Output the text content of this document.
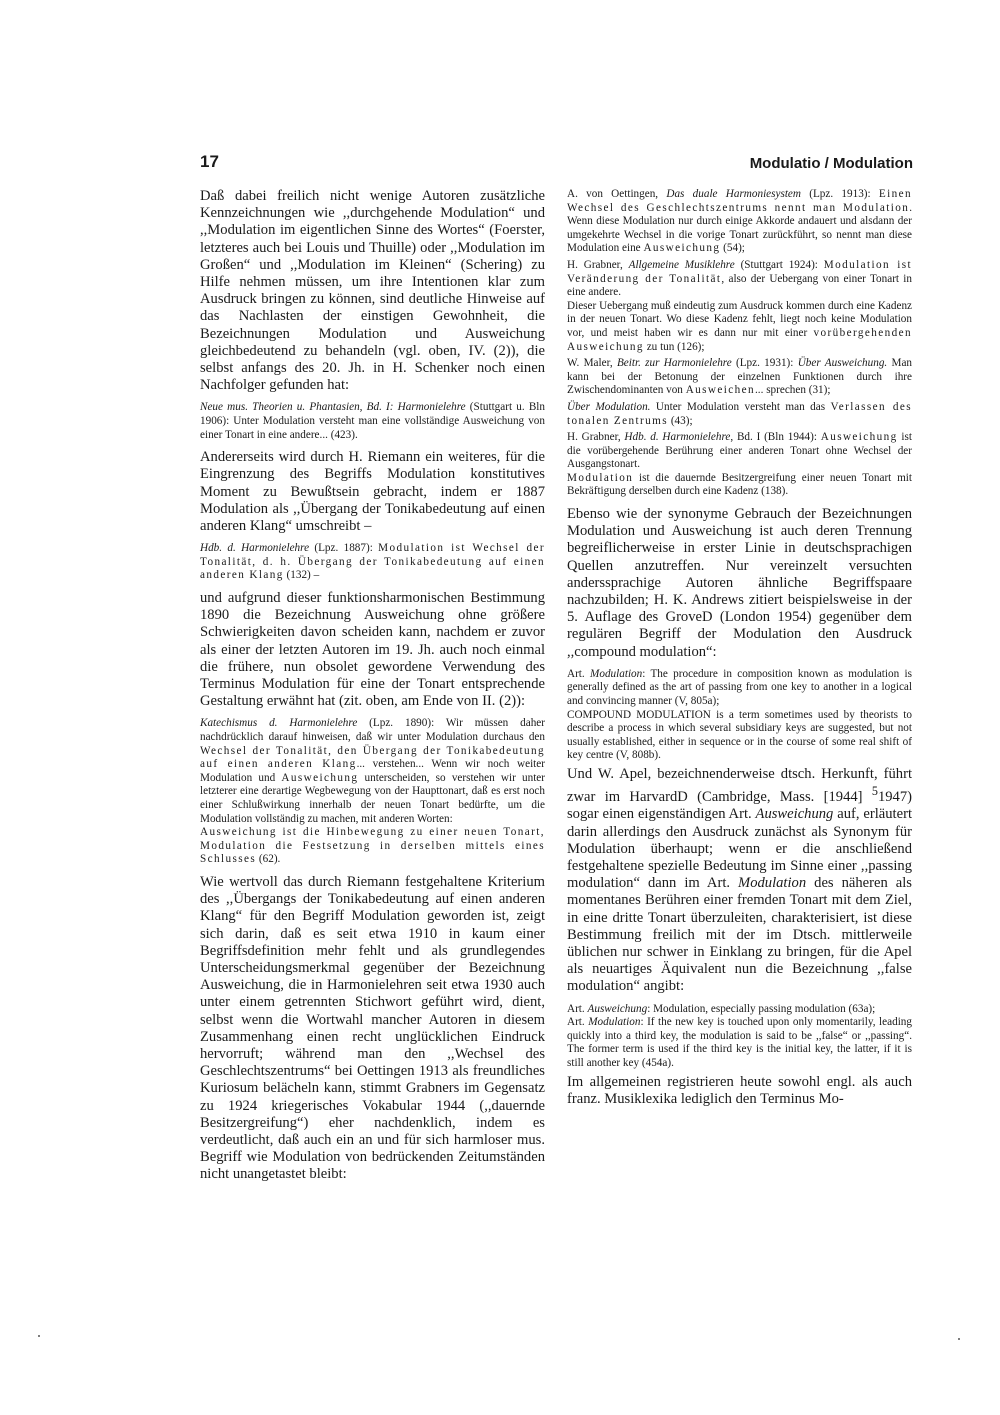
17	Modulatio / Modulation

Daß dabei freilich nicht wenige Autoren zusätzliche Kennzeichnungen wie ,,durchgehende Modulation“ und ,,Modulation im eigentlichen Sinne des Wortes“ (Foerster, letzteres auch bei Louis und Thuille) oder ,,Modulation im Großen“ und ,,Modulation im Kleinen“ (Schering) zu Hilfe nehmen müssen, um ihre Intentionen klar zum Ausdruck bringen zu können, sind deutliche Hinweise auf das Nachlasten der einstigen Gewohnheit, die Bezeichnungen Modulation und Ausweichung gleichbedeutend zu behandeln (vgl. oben, IV. (2)), die selbst anfangs des 20. Jh. in H. Schenker noch einen Nachfolger gefunden hat:

Neue mus. Theorien u. Phantasien, Bd. I: Harmonielehre (Stuttgart u. Bln 1906): Unter Modulation versteht man eine vollständige Ausweichung von einer Tonart in eine andere... (423).

Andererseits wird durch H. Riemann ein weiteres, für die Eingrenzung des Begriffs Modulation konstitutives Moment zu Bewußtsein gebracht, indem er 1887 Modulation als ,,Übergang der Tonikabedeutung auf einen anderen Klang“ umschreibt –

Hdb. d. Harmonielehre (Lpz. 1887): Modulation ist Wechsel der Tonalität, d. h. Übergang der Tonikabedeutung auf einen anderen Klang (132) –

und aufgrund dieser funktionsharmonischen Bestimmung 1890 die Bezeichnung Ausweichung ohne größere Schwierigkeiten davon scheiden kann, nachdem er zuvor als einer der letzten Autoren im 19. Jh. auch noch einmal die frühere, nun obsolet gewordene Verwendung des Terminus Modulation für eine der Tonart entsprechende Gestaltung erwähnt hat (zit. oben, am Ende von II. (2)):

Katechismus d. Harmonielehre (Lpz. 1890): Wir müssen daher nachdrücklich darauf hinweisen, daß wir unter Modulation durchaus den Wechsel der Tonalität, den Übergang der Tonikabedeutung auf einen anderen Klang... verstehen... Wenn wir noch weiter Modulation und Ausweichung unterscheiden, so verstehen wir unter letzterer eine derartige Wegbewegung von der Haupttonart, daß es erst noch einer Schlußwirkung innerhalb der neuen Tonart bedürfte, um die Modulation vollständig zu machen, mit anderen Worten:
Ausweichung ist die Hinbewegung zu einer neuen Tonart, Modulation die Festsetzung in derselben mittels eines Schlusses (62).

Wie wertvoll das durch Riemann festgehaltene Kriterium des ,,Übergangs der Tonikabedeutung auf einen anderen Klang“ für den Begriff Modulation geworden ist, zeigt sich darin, daß es seit etwa 1910 in kaum einer Begriffsdefinition mehr fehlt und als grundlegendes Unterscheidungsmerkmal gegenüber der Bezeichnung Ausweichung, die in Harmonielehren seit etwa 1930 auch unter einem getrennten Stichwort geführt wird, dient, selbst wenn die Wortwahl mancher Autoren in diesem Zusammenhang einen recht unglücklichen Eindruck hervorruft; während man den ,,Wechsel des Geschlechtszentrums“ bei Oettingen 1913 als freundliches Kuriosum belächeln kann, stimmt Grabners im Gegensatz zu 1924 kriegerisches Vokabular 1944 (,,dauernde Besitzergreifung“) eher nachdenklich, indem es verdeutlicht, daß auch ein an und für sich harmloser mus. Begriff wie Modulation von bedrückenden Zeitumständen nicht unangetastet bleibt:

A. von Oettingen, Das duale Harmoniesystem (Lpz. 1913): Einen Wechsel des Geschlechtszentrums nennt man Modulation. Wenn diese Modulation nur durch einige Akkorde andauert und alsdann der umgekehrte Wechsel in die vorige Tonart zurückführt, so nennt man diese Modulation eine Ausweichung (54);

H. Grabner, Allgemeine Musiklehre (Stuttgart 1924): Modulation ist Veränderung der Tonalität, also der Uebergang von einer Tonart in eine andere.

Dieser Uebergang muß eindeutig zum Ausdruck kommen durch eine Kadenz in der neuen Tonart. Wo diese Kadenz fehlt, liegt noch keine Modulation vor, und meist haben wir es dann nur mit einer vorübergehenden Ausweichung zu tun (126);

W. Maler, Beitr. zur Harmonielehre (Lpz. 1931): Über Ausweichung. Man kann bei der Betonung der einzelnen Funktionen durch ihre Zwischendominanten von Ausweichen... sprechen (31);

Über Modulation. Unter Modulation versteht man das Verlassen des tonalen Zentrums (43);

H. Grabner, Hdb. d. Harmonielehre, Bd. I (Bln 1944): Ausweichung ist die vorübergehende Berührung einer anderen Tonart ohne Wechsel der Ausgangstonart.

Modulation ist die dauernde Besitzergreifung einer neuen Tonart mit Bekräftigung derselben durch eine Kadenz (138).

Ebenso wie der synonyme Gebrauch der Bezeichnungen Modulation und Ausweichung ist auch deren Trennung begreiflicherweise in erster Linie in deutschsprachigen Quellen anzutreffen. Nur vereinzelt versuchten anderssprachige Autoren ähnliche Begriffspaare nachzubilden; H. K. Andrews zitiert beispielsweise in der 5. Auflage des GroveD (London 1954) gegenüber dem regulären Begriff der Modulation den Ausdruck ,,compound modulation“:

Art. Modulation: The procedure in composition known as modulation is generally defined as the art of passing from one key to another in a logical and convincing manner (V, 805a);
COMPOUND MODULATION is a term sometimes used by theorists to describe a process in which several subsidiary keys are suggested, but not usually established, either in sequence or in the course of some real shift of key centre (V, 808b).

Und W. Apel, bezeichnenderweise dtsch. Herkunft, führt zwar im HarvardD (Cambridge, Mass. [1944] $^5$1947) sogar einen eigenständigen Art. Ausweichung auf, erläutert darin allerdings den Ausdruck zunächst als Synonym für Modulation überhaupt; wenn er die anschließend festgehaltene spezielle Bedeutung im Sinne einer ,,passing modulation“ dann im Art. Modulation des näheren als momentanes Berühren einer fremden Tonart mit dem Ziel, in eine dritte Tonart überzuleiten, charakterisiert, ist diese Bestimmung freilich mit der im Dtsch. mittlerweile üblichen nur schwer in Einklang zu bringen, für die Apel als neuartiges Äquivalent nun die Bezeichnung ,,false modulation“ angibt:

Art. Ausweichung: Modulation, especially passing modulation (63a);
Art. Modulation: If the new key is touched upon only momentarily, leading quickly into a third key, the modulation is said to be ,,false“ or ,,passing“. The former term is used if the third key is the initial key, the latter, if it is still another key (454a).

Im allgemeinen registrieren heute sowohl engl. als auch franz. Musiklexika lediglich den Terminus Mo-
